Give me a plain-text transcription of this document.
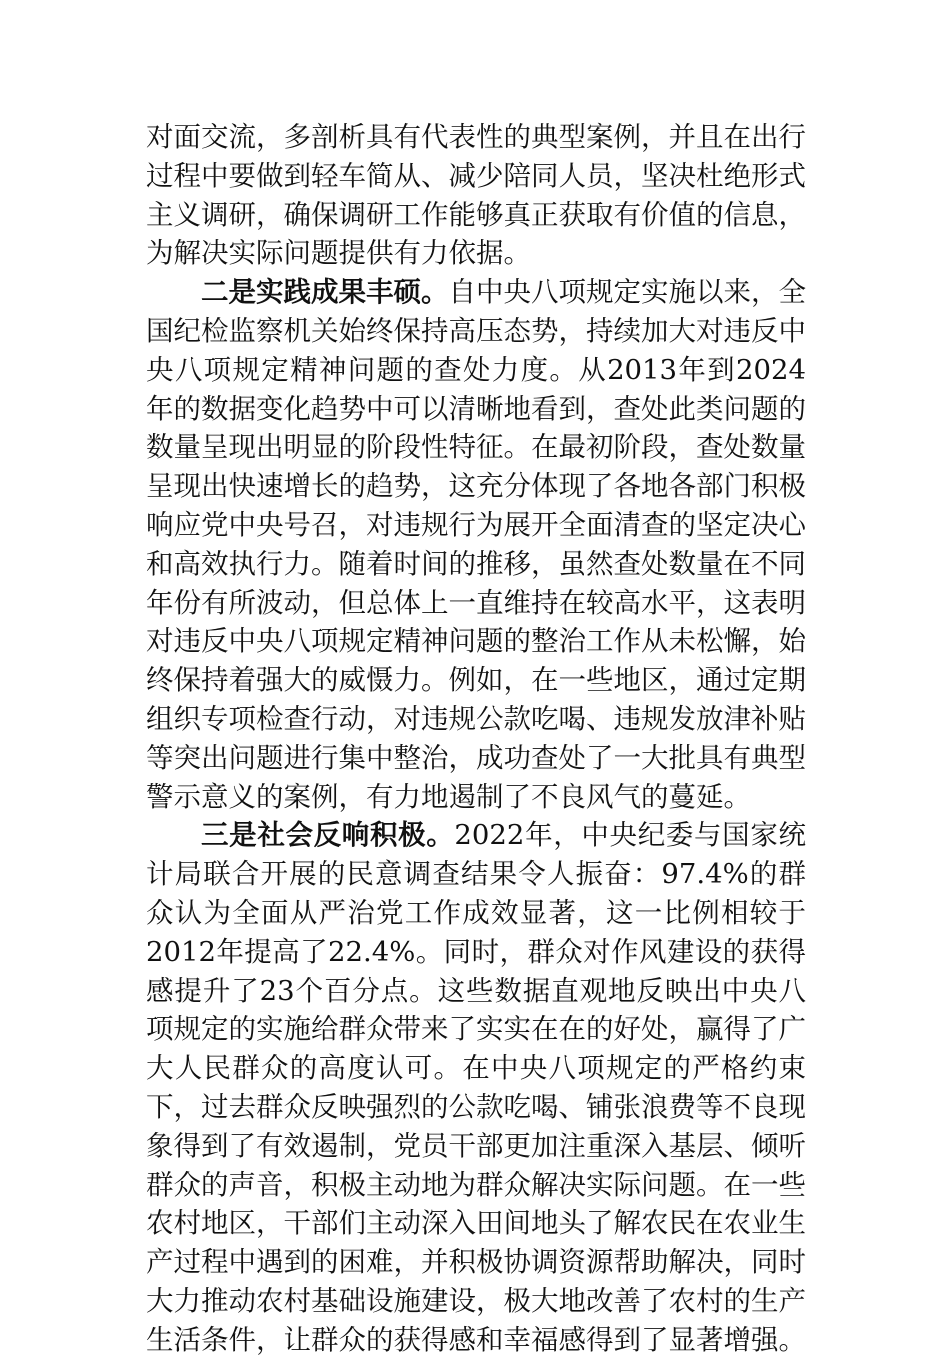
对面交流，多剖析具有代表性的典型案例，并且在出行过程中要做到轻车简从、减少陪同人员，坚决杜绝形式主义调研，确保调研工作能够真正获取有价值的信息，为解决实际问题提供有力依据。

二是实践成果丰硕。自中央八项规定实施以来，全国纪检监察机关始终保持高压态势，持续加大对违反中央八项规定精神问题的查处力度。从2013年到2024年的数据变化趋势中可以清晰地看到，查处此类问题的数量呈现出明显的阶段性特征。在最初阶段，查处数量呈现出快速增长的趋势，这充分体现了各地各部门积极响应党中央号召，对违规行为展开全面清查的坚定决心和高效执行力。随着时间的推移，虽然查处数量在不同年份有所波动，但总体上一直维持在较高水平，这表明对违反中央八项规定精神问题的整治工作从未松懈，始终保持着强大的威慑力。例如，在一些地区，通过定期组织专项检查行动，对违规公款吃喝、违规发放津补贴等突出问题进行集中整治，成功查处了一大批具有典型警示意义的案例，有力地遏制了不良风气的蔓延。

三是社会反响积极。2022年，中央纪委与国家统计局联合开展的民意调查结果令人振奋：97.4%的群众认为全面从严治党工作成效显著，这一比例相较于2012年提高了22.4%。同时，群众对作风建设的获得感提升了23个百分点。这些数据直观地反映出中央八项规定的实施给群众带来了实实在在的好处，赢得了广大人民群众的高度认可。在中央八项规定的严格约束下，过去群众反映强烈的公款吃喝、铺张浪费等不良现象得到了有效遏制，党员干部更加注重深入基层、倾听群众的声音，积极主动地为群众解决实际问题。在一些农村地区，干部们主动深入田间地头了解农民在农业生产过程中遇到的困难，并积极协调资源帮助解决，同时大力推动农村基础设施建设，极大地改善了农村的生产生活条件，让群众的获得感和幸福感得到了显著增强。
